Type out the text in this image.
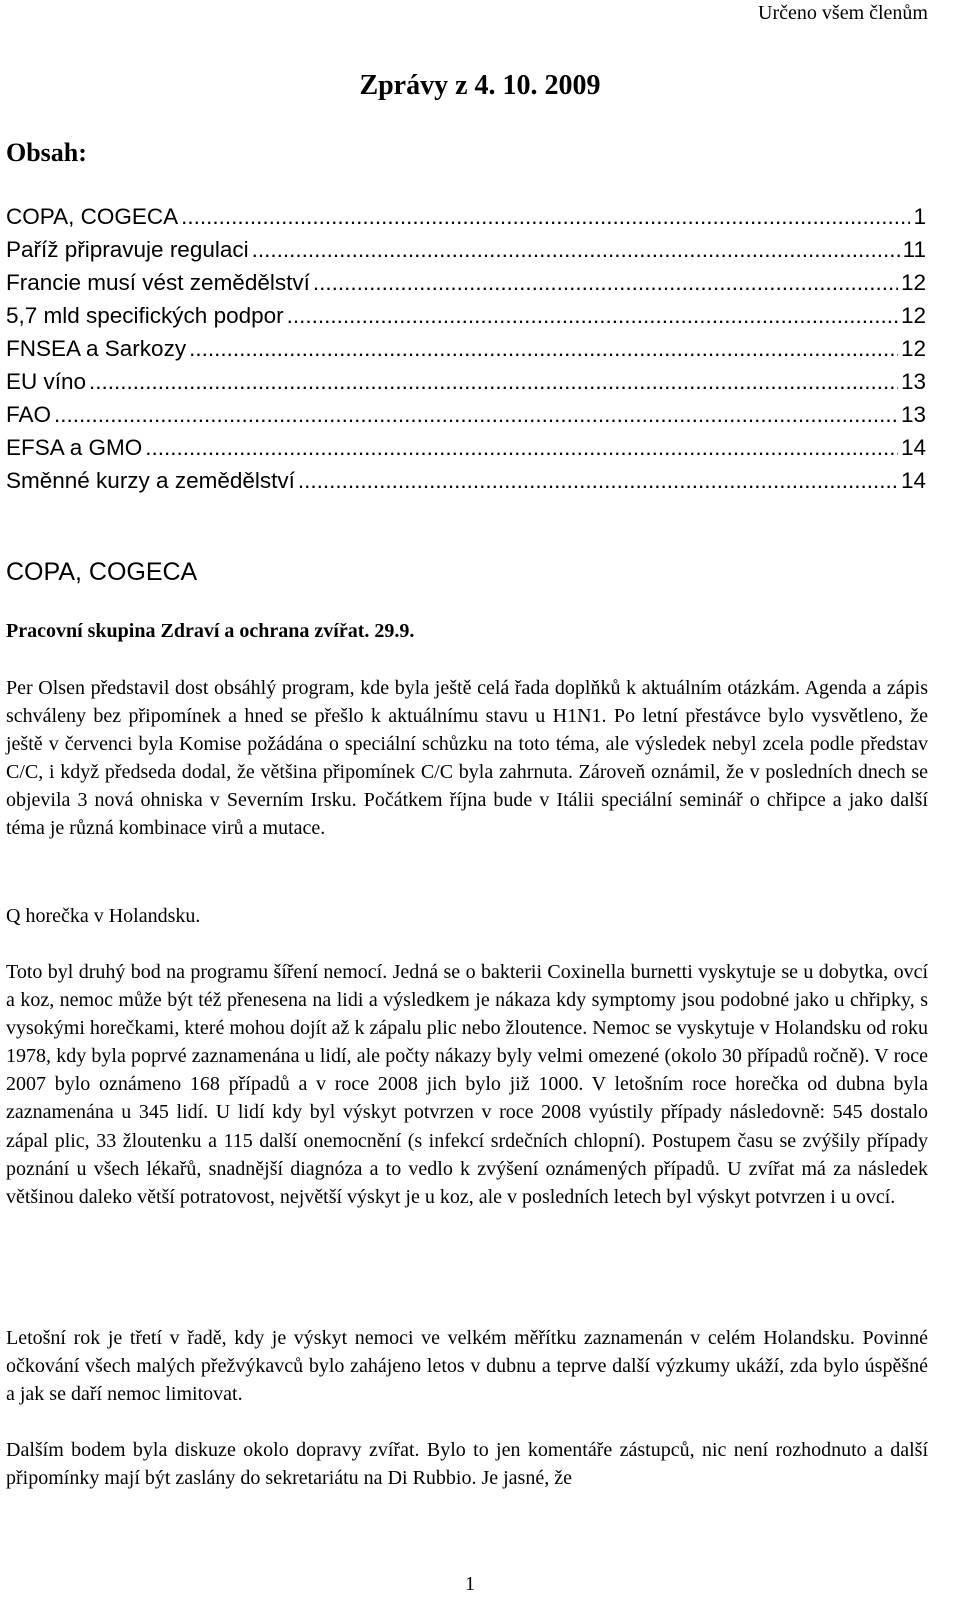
Určeno všem členům
Zprávy z 4. 10. 2009
Obsah:
COPA, COGECA .....	1
Paříž připravuje regulaci .....	11
Francie musí vést zemědělství .....	12
5,7 mld specifických podpor .....	12
FNSEA a Sarkozy .....	12
EU víno .....	13
FAO .....	13
EFSA a GMO .....	14
Směnné kurzy a zemědělství .....	14
COPA, COGECA
Pracovní skupina Zdraví a ochrana zvířat. 29.9.

Per Olsen představil dost obsáhlý program, kde byla ještě celá řada doplňků k aktuálním otázkám. Agenda a zápis schváleny bez připomínek a hned se přešlo k aktuálnímu stavu u H1N1. Po letní přestávce bylo vysvětleno, že ještě v červenci byla Komise požádána o speciální schůzku na toto téma, ale výsledek nebyl zcela podle představ C/C, i když předseda dodal, že většina připomínek C/C byla zahrnuta. Zároveň oznámil, že v posledních dnech se objevila 3 nová ohniska v Severním Irsku. Počátkem října bude v Itálii speciální seminář o chřipce a jako další téma je různá kombinace virů a mutace.

Q horečka v Holandsku.

Toto byl druhý bod na programu šíření nemocí. Jedná se o bakterii Coxinella burnetti vyskytuje se u dobytka, ovcí a koz, nemoc může být též přenesena na lidi a výsledkem je nákaza kdy symptomy jsou podobné jako u chřipky, s vysokými horečkami, které mohou dojít až k zápalu plic nebo žloutence. Nemoc se vyskytuje v Holandsku od roku 1978, kdy byla poprvé zaznamenána u lidí, ale počty nákazy byly velmi omezené (okolo 30 případů ročně). V roce 2007 bylo oznámeno 168 případů a v roce 2008 jich bylo již 1000. V letošním roce horečka od dubna byla zaznamenána u 345 lidí. U lidí kdy byl výskyt potvrzen v roce 2008 vyústily případy následovně: 545 dostalo zápal plic, 33 žloutenku a 115 další onemocnění (s infekcí srdečních chlopní). Postupem času se zvýšily případy poznání u všech lékařů, snadnější diagnóza a to vedlo k zvýšení oznámených případů. U zvířat má za následek většinou daleko větší potratovost, největší výskyt je u koz, ale v posledních letech byl výskyt potvrzen i u ovcí.

Letošní rok je třetí v řadě, kdy je výskyt nemoci ve velkém měřítku zaznamenán v celém Holandsku. Povinné očkování všech malých přežvýkavců bylo zahájeno letos v dubnu a teprve další výzkumy ukáží, zda bylo úspěšné a jak se daří nemoc limitovat.

Dalším bodem byla diskuze okolo dopravy zvířat. Bylo to jen komentáře zástupců, nic není rozhodnuto a další připomínky mají být zaslány do sekretariátu na Di Rubbio. Je jasné, že

1
